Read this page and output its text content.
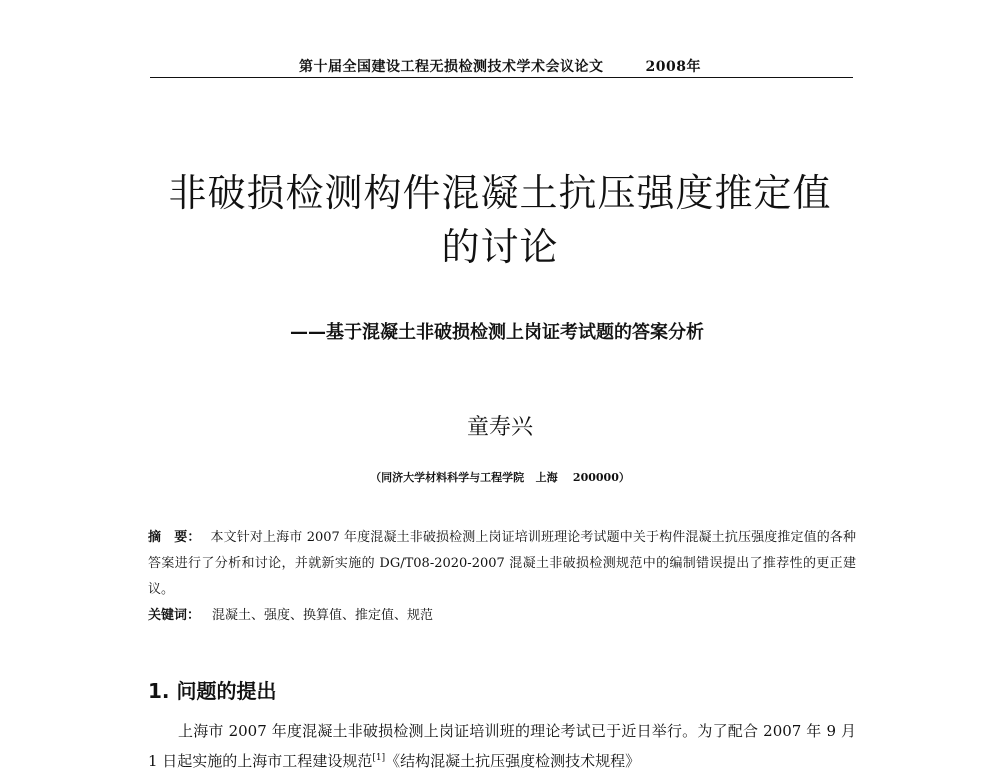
第十届全国建设工程无损检测技术学术会议论文	2008年
非破损检测构件混凝土抗压强度推定值
的讨论
——基于混凝土非破损检测上岗证考试题的答案分析
童寿兴
（同济大学材料科学与工程学院   上海    200000）
摘　要： 本文针对上海市 2007 年度混凝土非破损检测上岗证培训班理论考试题中关于构件混凝土抗压强度推定值的各种答案进行了分析和讨论，并就新实施的 DG/T08-2020-2007 混凝土非破损检测规范中的编制错误提出了推荐性的更正建议。
关键词： 混凝土、强度、换算值、推定值、规范
1. 问题的提出
上海市 2007 年度混凝土非破损检测上岗证培训班的理论考试已于近日举行。为了配合 2007 年 9 月 1 日起实施的上海市工程建设规范[1]《结构混凝土抗压强度检测技术规程》
